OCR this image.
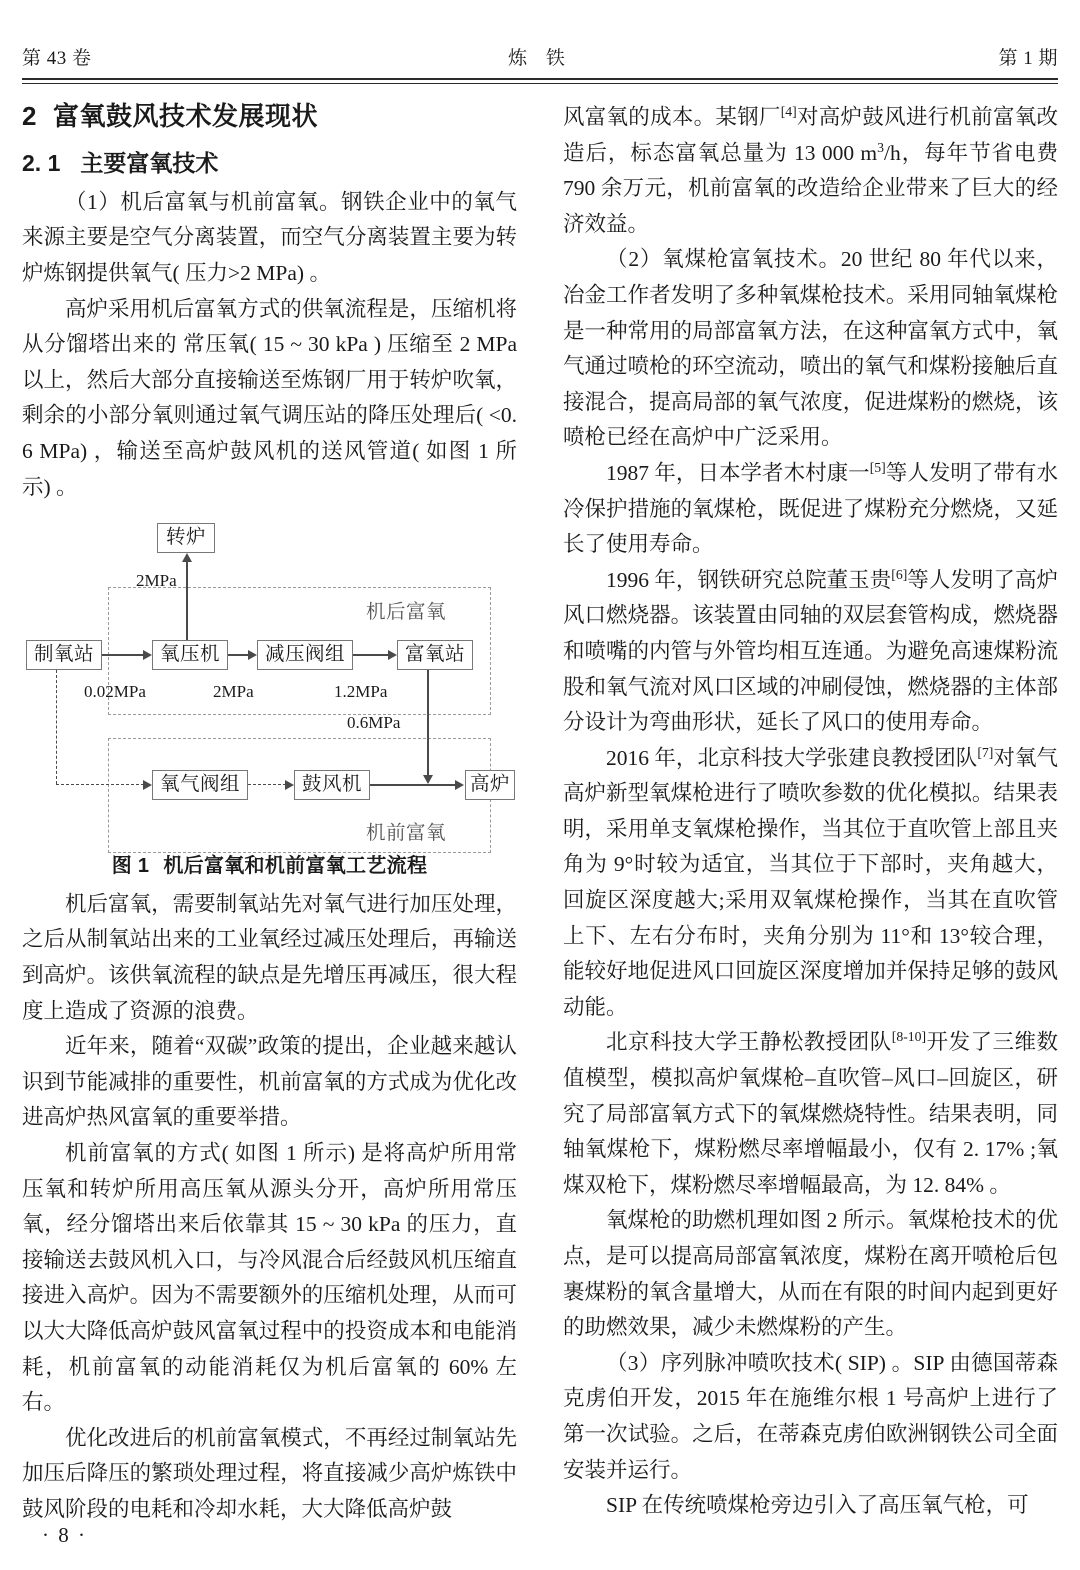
第 43 卷	炼 铁	第 1 期
2 富氧鼓风技术发展现状
2. 1 主要富氧技术

（1）机后富氧与机前富氧。钢铁企业中的氧气来源主要是空气分离装置，而空气分离装置主要为转炉炼钢提供氧气( 压力>2 MPa) 。

高炉采用机后富氧方式的供氧流程是，压缩机将从分馏塔出来的 常压氧( 15 ~ 30 kPa ) 压缩至 2 MPa以上，然后大部分直接输送至炼钢厂用于转炉吹氧，剩余的小部分氧则通过氧气调压站的降压处理后( <0. 6 MPa) ，输送至高炉鼓风机的送风管道( 如图 1 所示) 。

机后富氧
机前富氧
转炉
制氧站	氧压机	减压阀组	富氧站
氧气阀组	鼓风机	高炉
2MPa
0.02MPa	2MPa	1.2MPa
0.6MPa
图 1 机后富氧和机前富氧工艺流程

机后富氧，需要制氧站先对氧气进行加压处理，之后从制氧站出来的工业氧经过减压处理后，再输送到高炉。该供氧流程的缺点是先增压再减压，很大程度上造成了资源的浪费。

近年来，随着“双碳”政策的提出，企业越来越认识到节能减排的重要性，机前富氧的方式成为优化改进高炉热风富氧的重要举措。

机前富氧的方式( 如图 1 所示) 是将高炉所用常压氧和转炉所用高压氧从源头分开，高炉所用常压氧，经分馏塔出来后依靠其 15 ~ 30 kPa 的压力，直接输送去鼓风机入口，与冷风混合后经鼓风机压缩直接进入高炉。因为不需要额外的压缩机处理，从而可以大大降低高炉鼓风富氧过程中的投资成本和电能消耗，机前富氧的动能消耗仅为机后富氧的 60% 左右。

优化改进后的机前富氧模式，不再经过制氧站先加压后降压的繁琐处理过程，将直接减少高炉炼铁中鼓风阶段的电耗和冷却水耗，大大降低高炉鼓

风富氧的成本。某钢厂[4]对高炉鼓风进行机前富氧改造后，标态富氧总量为 13 000 m$^3$/h，每年节省电费 790 余万元，机前富氧的改造给企业带来了巨大的经济效益。

（2）氧煤枪富氧技术。20 世纪 80 年代以来，冶金工作者发明了多种氧煤枪技术。采用同轴氧煤枪是一种常用的局部富氧方法，在这种富氧方式中，氧气通过喷枪的环空流动，喷出的氧气和煤粉接触后直接混合，提高局部的氧气浓度，促进煤粉的燃烧，该喷枪已经在高炉中广泛采用。

1987 年，日本学者木村康一[5]等人发明了带有水冷保护措施的氧煤枪，既促进了煤粉充分燃烧，又延长了使用寿命。

1996 年，钢铁研究总院董玉贵[6]等人发明了高炉风口燃烧器。该装置由同轴的双层套管构成，燃烧器和喷嘴的内管与外管均相互连通。为避免高速煤粉流股和氧气流对风口区域的冲刷侵蚀，燃烧器的主体部分设计为弯曲形状，延长了风口的使用寿命。

2016 年，北京科技大学张建良教授团队[7]对氧气高炉新型氧煤枪进行了喷吹参数的优化模拟。结果表明，采用单支氧煤枪操作，当其位于直吹管上部且夹角为 9°时较为适宜，当其位于下部时，夹角越大，回旋区深度越大;采用双氧煤枪操作，当其在直吹管上下、左右分布时，夹角分别为 11°和 13°较合理，能较好地促进风口回旋区深度增加并保持足够的鼓风动能。

北京科技大学王静松教授团队[8-10]开发了三维数值模型，模拟高炉氧煤枪–直吹管–风口–回旋区，研究了局部富氧方式下的氧煤燃烧特性。结果表明，同轴氧煤枪下，煤粉燃尽率增幅最小，仅有 2. 17% ;氧煤双枪下，煤粉燃尽率增幅最高，为 12. 84% 。

氧煤枪的助燃机理如图 2 所示。氧煤枪技术的优点，是可以提高局部富氧浓度，煤粉在离开喷枪后包裹煤粉的氧含量增大，从而在有限的时间内起到更好的助燃效果，减少未燃煤粉的产生。

（3）序列脉冲喷吹技术( SIP) 。SIP 由德国蒂森克虏伯开发，2015 年在施维尔根 1 号高炉上进行了第一次试验。之后，在蒂森克虏伯欧洲钢铁公司全面安装并运行。

SIP 在传统喷煤枪旁边引入了高压氧气枪，可

· 8 ·
